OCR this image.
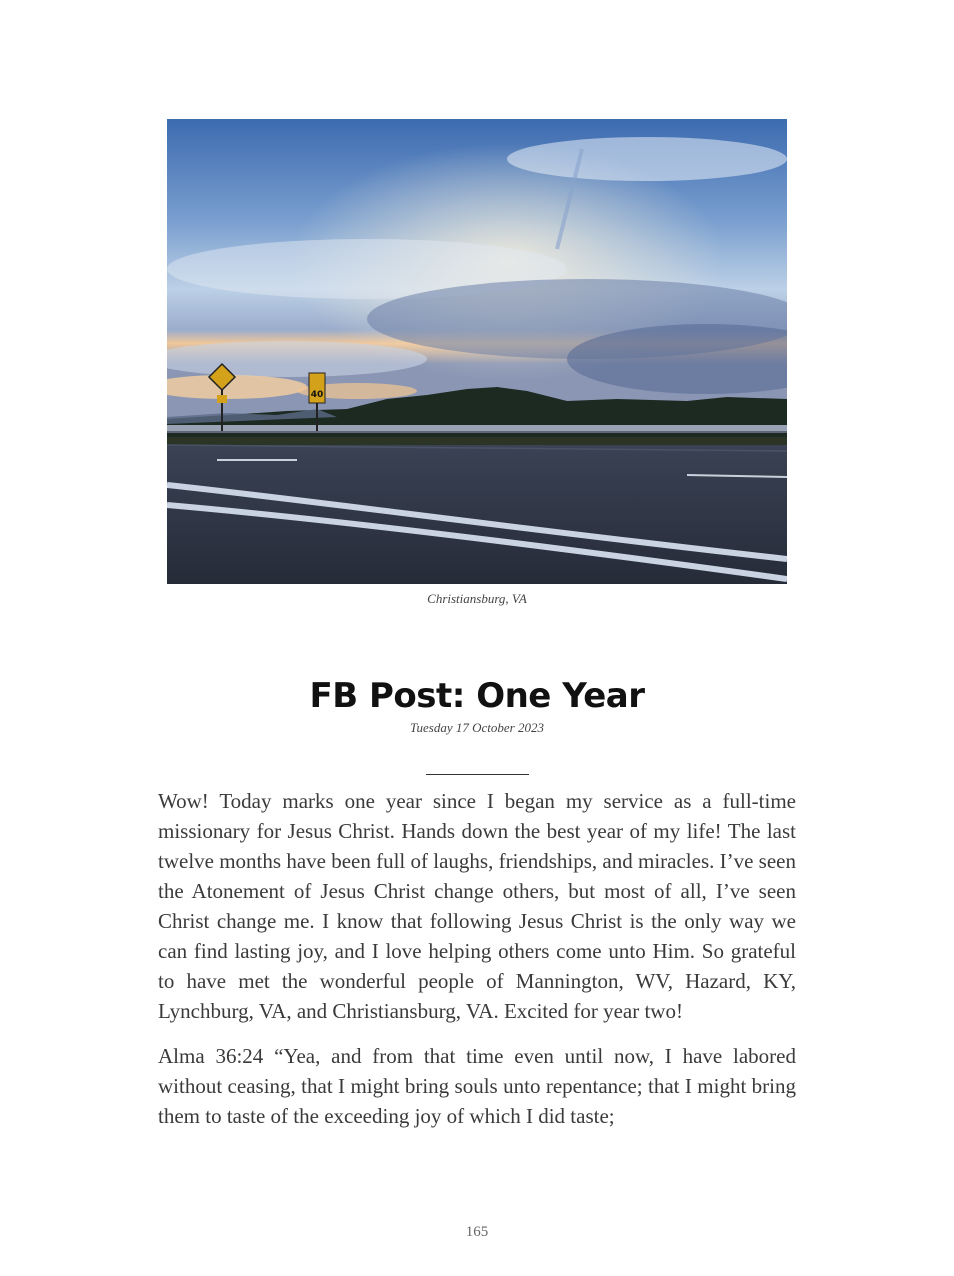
40
Christiansburg, VA
FB Post: One Year
Tuesday 17 October 2023

Wow! Today marks one year since I began my service as a full-time missionary for Jesus Christ. Hands down the best year of my life! The last twelve months have been full of laughs, friendships, and miracles. I’ve seen the Atonement of Jesus Christ change others, but most of all, I’ve seen Christ change me. I know that following Jesus Christ is the only way we can find lasting joy, and I love helping others come unto Him. So grateful to have met the wonderful people of Mannington, WV, Hazard, KY, Lynchburg, VA, and Christiansburg, VA. Excited for year two!

Alma 36:24 “Yea, and from that time even until now, I have labored without ceasing, that I might bring souls unto repentance; that I might bring them to taste of the exceeding joy of which I did taste;

165
